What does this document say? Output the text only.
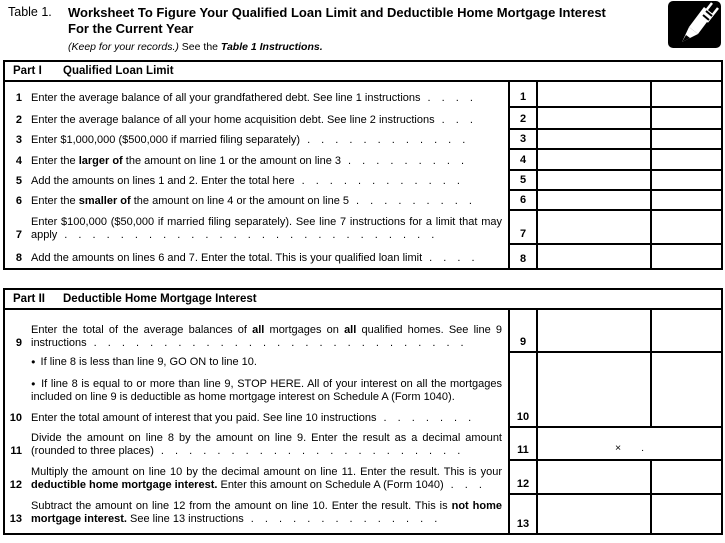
Table 1. Worksheet To Figure Your Qualified Loan Limit and Deductible Home Mortgage Interest For the Current Year
(Keep for your records.) See the Table 1 Instructions.
Part I	Qualified Loan Limit
1 Enter the average balance of all your grandfathered debt. See line 1 instructions . . . .	1
2 Enter the average balance of all your home acquisition debt. See line 2 instructions . . .	2
3 Enter $1,000,000 ($500,000 if married filing separately) . . . . . . . . . . . .	3
4 Enter the larger of the amount on line 1 or the amount on line 3 . . . . . . . . .	4
5 Add the amounts on lines 1 and 2. Enter the total here . . . . . . . . . . . .	5
6 Enter the smaller of the amount on line 4 or the amount on line 5 . . . . . . . . .	6
7
Enter $100,000 ($50,000 if married filing separately). See line 7 instructions for a limit that may apply . . . . . . . . . . . . . . . . . . . . . . . . . . .	7
8 Add the amounts on lines 6 and 7. Enter the total. This is your qualified loan limit . . . .	8
Part II	Deductible Home Mortgage Interest
9
Enter the total of the average balances of all mortgages on all qualified homes. See line 9 instructions . . . . . . . . . . . . . . . . . . . . . . . . . . .	9
● If line 8 is less than line 9, GO ON to line 10.
● If line 8 is equal to or more than line 9, STOP HERE. All of your interest on all the mortgages included on line 9 is deductible as home mortgage interest on Schedule A (Form 1040).
10 Enter the total amount of interest that you paid. See line 10 instructions . . . . . . .	10
11
Divide the amount on line 8 by the amount on line 9. Enter the result as a decimal amount (rounded to three places) . . . . . . . . . . . . . . . . . . . . . .	11	× .
12
Multiply the amount on line 10 by the decimal amount on line 11. Enter the result. This is your deductible home mortgage interest. Enter this amount on Schedule A (Form 1040) . . .	12
13
Subtract the amount on line 12 from the amount on line 10. Enter the result. This is not home mortgage interest. See line 13 instructions . . . . . . . . . . . . . .	13
